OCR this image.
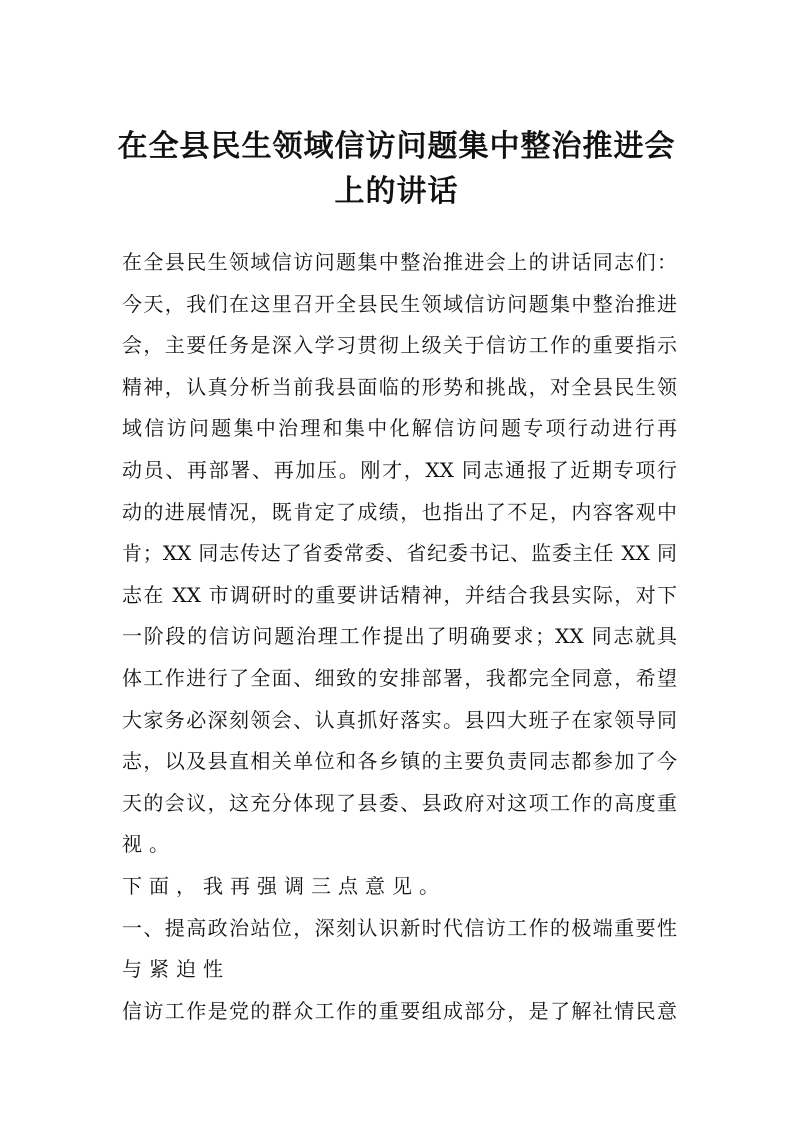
在全县民生领域信访问题集中整治推进会
上的讲话
在全县民生领域信访问题集中整治推进会上的讲话同志们：
今天，我们在这里召开全县民生领域信访问题集中整治推进
会，主要任务是深入学习贯彻上级关于信访工作的重要指示
精神，认真分析当前我县面临的形势和挑战，对全县民生领
域信访问题集中治理和集中化解信访问题专项行动进行再
动员、再部署、再加压。刚才，XX 同志通报了近期专项行
动的进展情况，既肯定了成绩，也指出了不足，内容客观中
肯；XX 同志传达了省委常委、省纪委书记、监委主任 XX 同
志在 XX 市调研时的重要讲话精神，并结合我县实际，对下
一阶段的信访问题治理工作提出了明确要求；XX 同志就具
体工作进行了全面、细致的安排部署，我都完全同意，希望
大家务必深刻领会、认真抓好落实。县四大班子在家领导同
志，以及县直相关单位和各乡镇的主要负责同志都参加了今
天的会议，这充分体现了县委、县政府对这项工作的高度重
视。
下面，我再强调三点意见。
一、提高政治站位，深刻认识新时代信访工作的极端重要性
与紧迫性
信访工作是党的群众工作的重要组成部分，是了解社情民意
